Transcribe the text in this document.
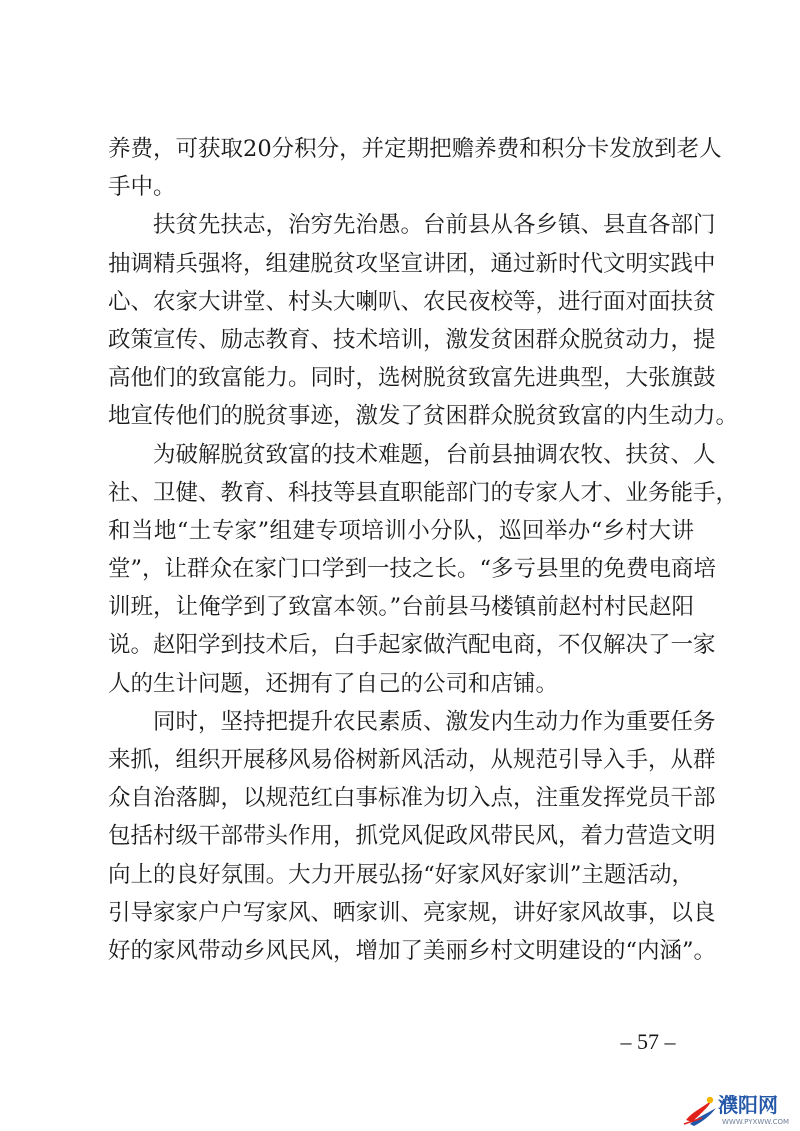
养费，可获取20分积分，并定期把赡养费和积分卡发放到老人
手中。
扶贫先扶志，治穷先治愚。台前县从各乡镇、县直各部门
抽调精兵强将，组建脱贫攻坚宣讲团，通过新时代文明实践中
心、农家大讲堂、村头大喇叭、农民夜校等，进行面对面扶贫
政策宣传、励志教育、技术培训，激发贫困群众脱贫动力，提
高他们的致富能力。同时，选树脱贫致富先进典型，大张旗鼓
地宣传他们的脱贫事迹，激发了贫困群众脱贫致富的内生动力。
为破解脱贫致富的技术难题，台前县抽调农牧、扶贫、人
社、卫健、教育、科技等县直职能部门的专家人才、业务能手，
和当地“土专家”组建专项培训小分队，巡回举办“乡村大讲
堂”，让群众在家门口学到一技之长。“多亏县里的免费电商培
训班，让俺学到了致富本领。”台前县马楼镇前赵村村民赵阳
说。赵阳学到技术后，白手起家做汽配电商，不仅解决了一家
人的生计问题，还拥有了自己的公司和店铺。
同时，坚持把提升农民素质、激发内生动力作为重要任务
来抓，组织开展移风易俗树新风活动，从规范引导入手，从群
众自治落脚，以规范红白事标准为切入点，注重发挥党员干部
包括村级干部带头作用，抓党风促政风带民风，着力营造文明
向上的良好氛围。大力开展弘扬“好家风好家训”主题活动，
引导家家户户写家风、晒家训、亮家规，讲好家风故事，以良
好的家风带动乡风民风，增加了美丽乡村文明建设的“内涵”。
– 57 –
濮阳网
WWW.PYXWW.COM
